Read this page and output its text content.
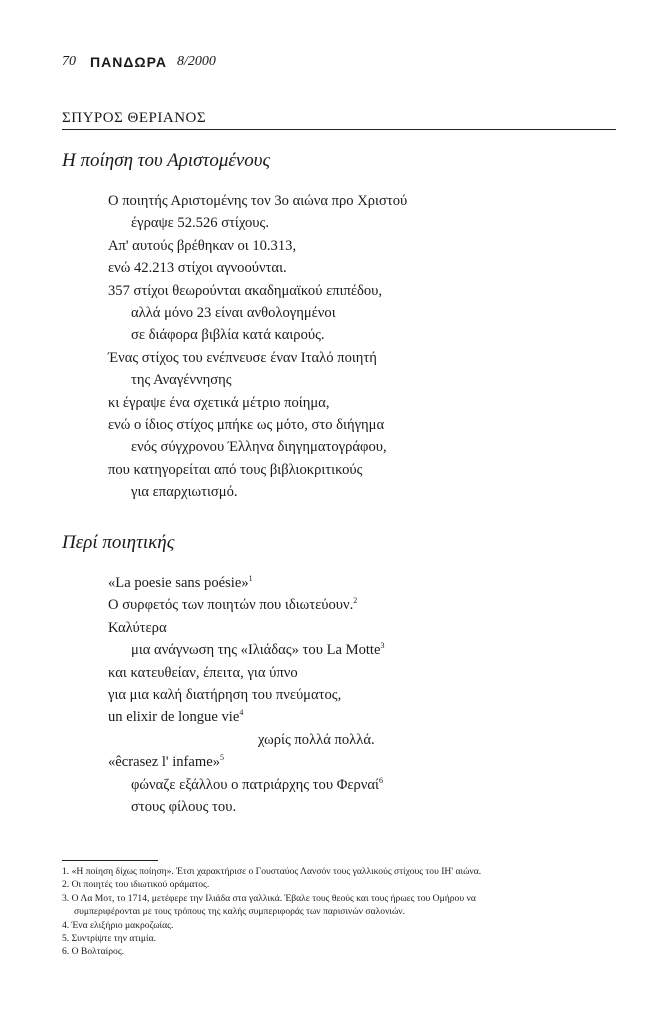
70	ΠΑΝΔΩΡΑ 8/2000
ΣΠΥΡΟΣ ΘΕΡΙΑΝΟΣ
Η ποίηση του Αριστομένους
Ο ποιητής Αριστομένης τον 3ο αιώνα προ Χριστού
έγραψε 52.526 στίχους.
Απ' αυτούς βρέθηκαν οι 10.313,
ενώ 42.213 στίχοι αγνοούνται.
357 στίχοι θεωρούνται ακαδημαϊκού επιπέδου,
αλλά μόνο 23 είναι ανθολογημένοι
σε διάφορα βιβλία κατά καιρούς.
Ένας στίχος του ενέπνευσε έναν Ιταλό ποιητή
της Αναγέννησης
κι έγραψε ένα σχετικά μέτριο ποίημα,
ενώ ο ίδιος στίχος μπήκε ως μότο, στο διήγημα
ενός σύγχρονου Έλληνα διηγηματογράφου,
που κατηγορείται από τους βιβλιοκριτικούς
για επαρχιωτισμό.
Περί ποιητικής
«La poesie sans poésie»$^1$
Ο συρφετός των ποιητών που ιδιωτεύουν.$^2$
Καλύτερα
μια ανάγνωση της «Ιλιάδας» του La Motte$^3$
και κατευθείαν, έπειτα, για ύπνο
για μια καλή διατήρηση του πνεύματος,
un elixir de longue vie$^4$
χωρίς πολλά πολλά.
«êcrasez l' infame»$^5$
φώναζε εξάλλου ο πατριάρχης του Φερναί$^6$
στους φίλους του.
1. «Η ποίηση δίχως ποίηση». Έτσι χαρακτήρισε ο Γουσταύος Λανσόν τους γαλλικούς στίχους του ΙΗ' αιώνα.
2. Οι ποιητές του ιδιωτικού οράματος.
3. Ο Λα Μοτ, το 1714, μετέφερε την Ιλιάδα στα γαλλικά. Έβαλε τους θεούς και τους ήρωες του Ομήρου να
συμπεριφέρονται με τους τρόπους της καλής συμπεριφοράς των παρισινών σαλονιών.
4. Ένα ελιξήριο μακροζωίας.
5. Συντρίψτε την ατιμία.
6. Ο Βολταίρος.
